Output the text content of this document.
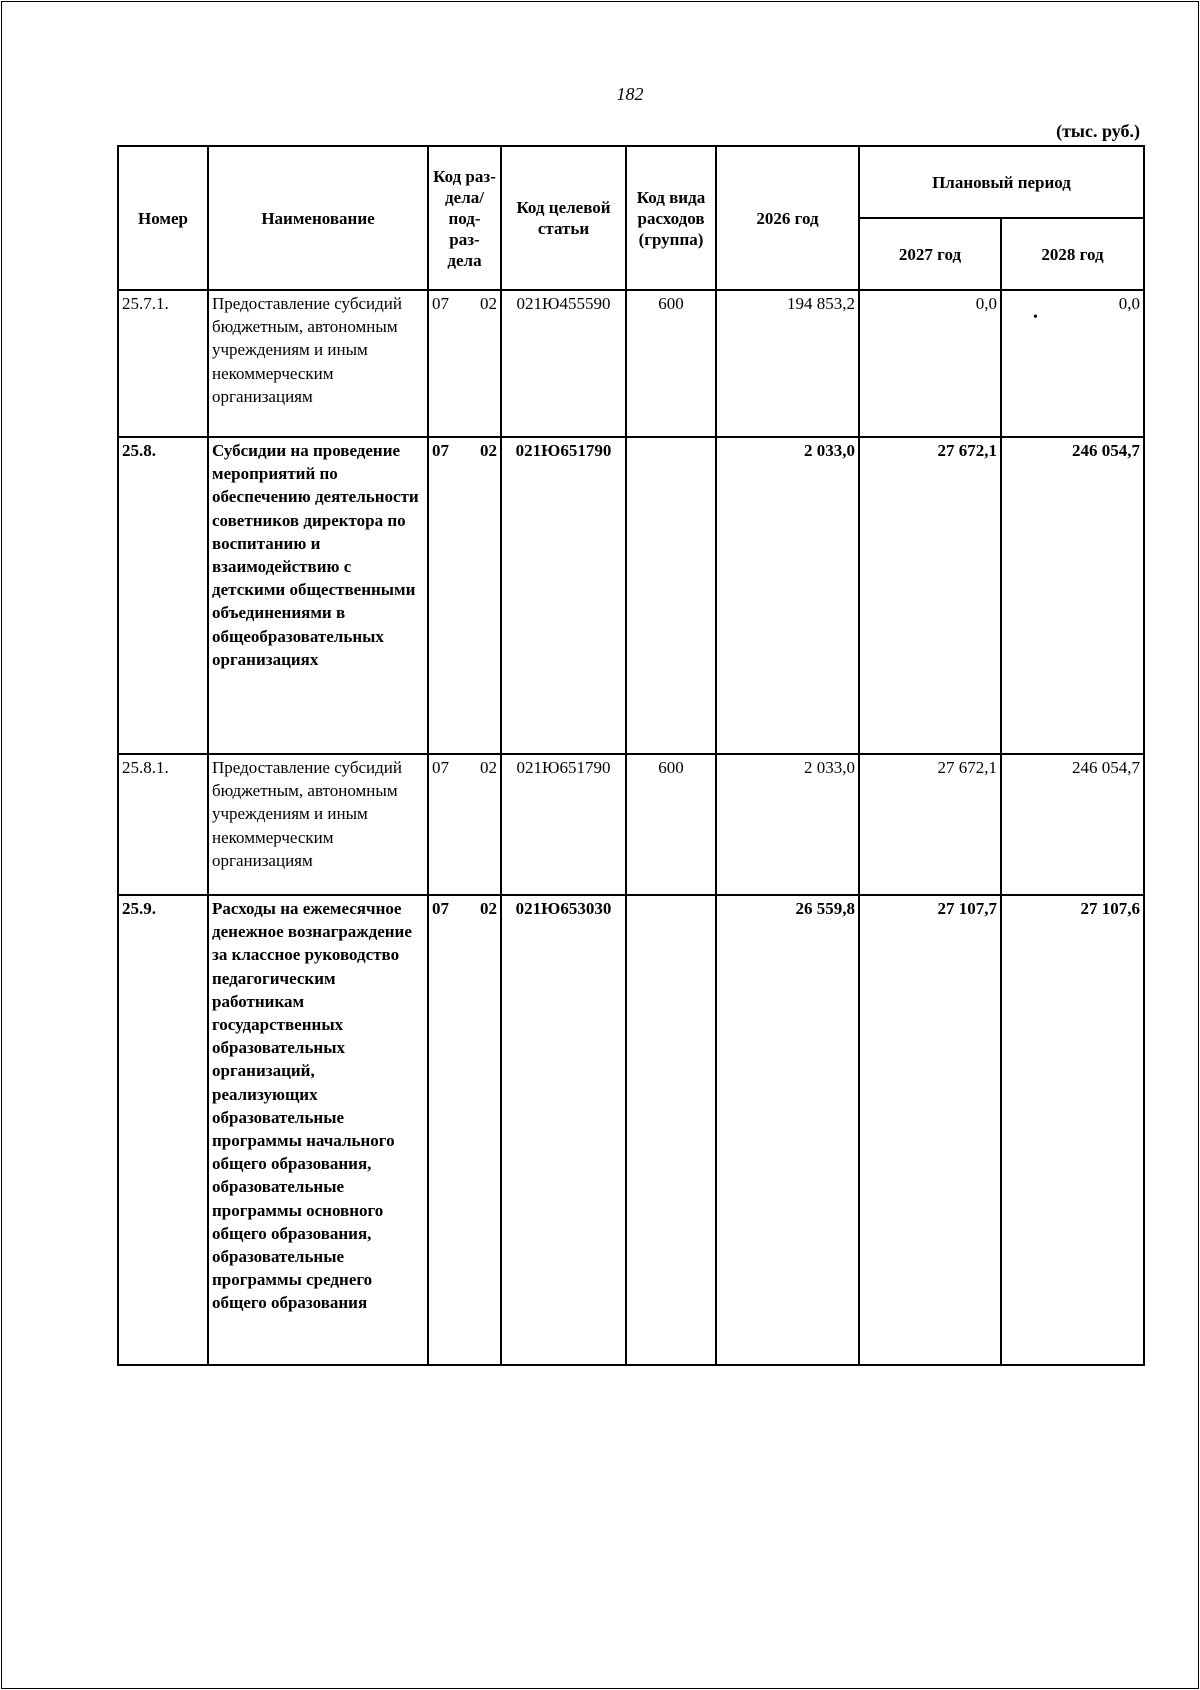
182
(тыс. руб.)
Номер	Наименование	Код раз- дела/ под- раз- дела	Код целевой статьи	Код вида расходов (группа)	2026 год	Плановый период	
						2027 год	2028 год
25.7.1.	Предоставление субсидий бюджетным, автономным учреждениям и иным некоммерческим организациям	07 02	021Ю455590	600	194 853,2	0,0	0,0
•

25.8.	Субсидии на проведение мероприятий по обеспечению деятельности советников директора по воспитанию и взаимодействию с детскими общественными объединениями в общеобразовательных организациях	07 02	021Ю651790		2 033,0	27 672,1	246 054,7
25.8.1.	Предоставление субсидий бюджетным, автономным учреждениям и иным некоммерческим организациям	07 02	021Ю651790	600	2 033,0	27 672,1	246 054,7
25.9.	Расходы на ежемесячное денежное вознаграждение за классное руководство педагогическим работникам государственных образовательных организаций, реализующих образовательные программы начального общего образования, образовательные программы основного общего образования, образовательные программы среднего общего образования	07 02	021Ю653030		26 559,8	27 107,7	27 107,6
